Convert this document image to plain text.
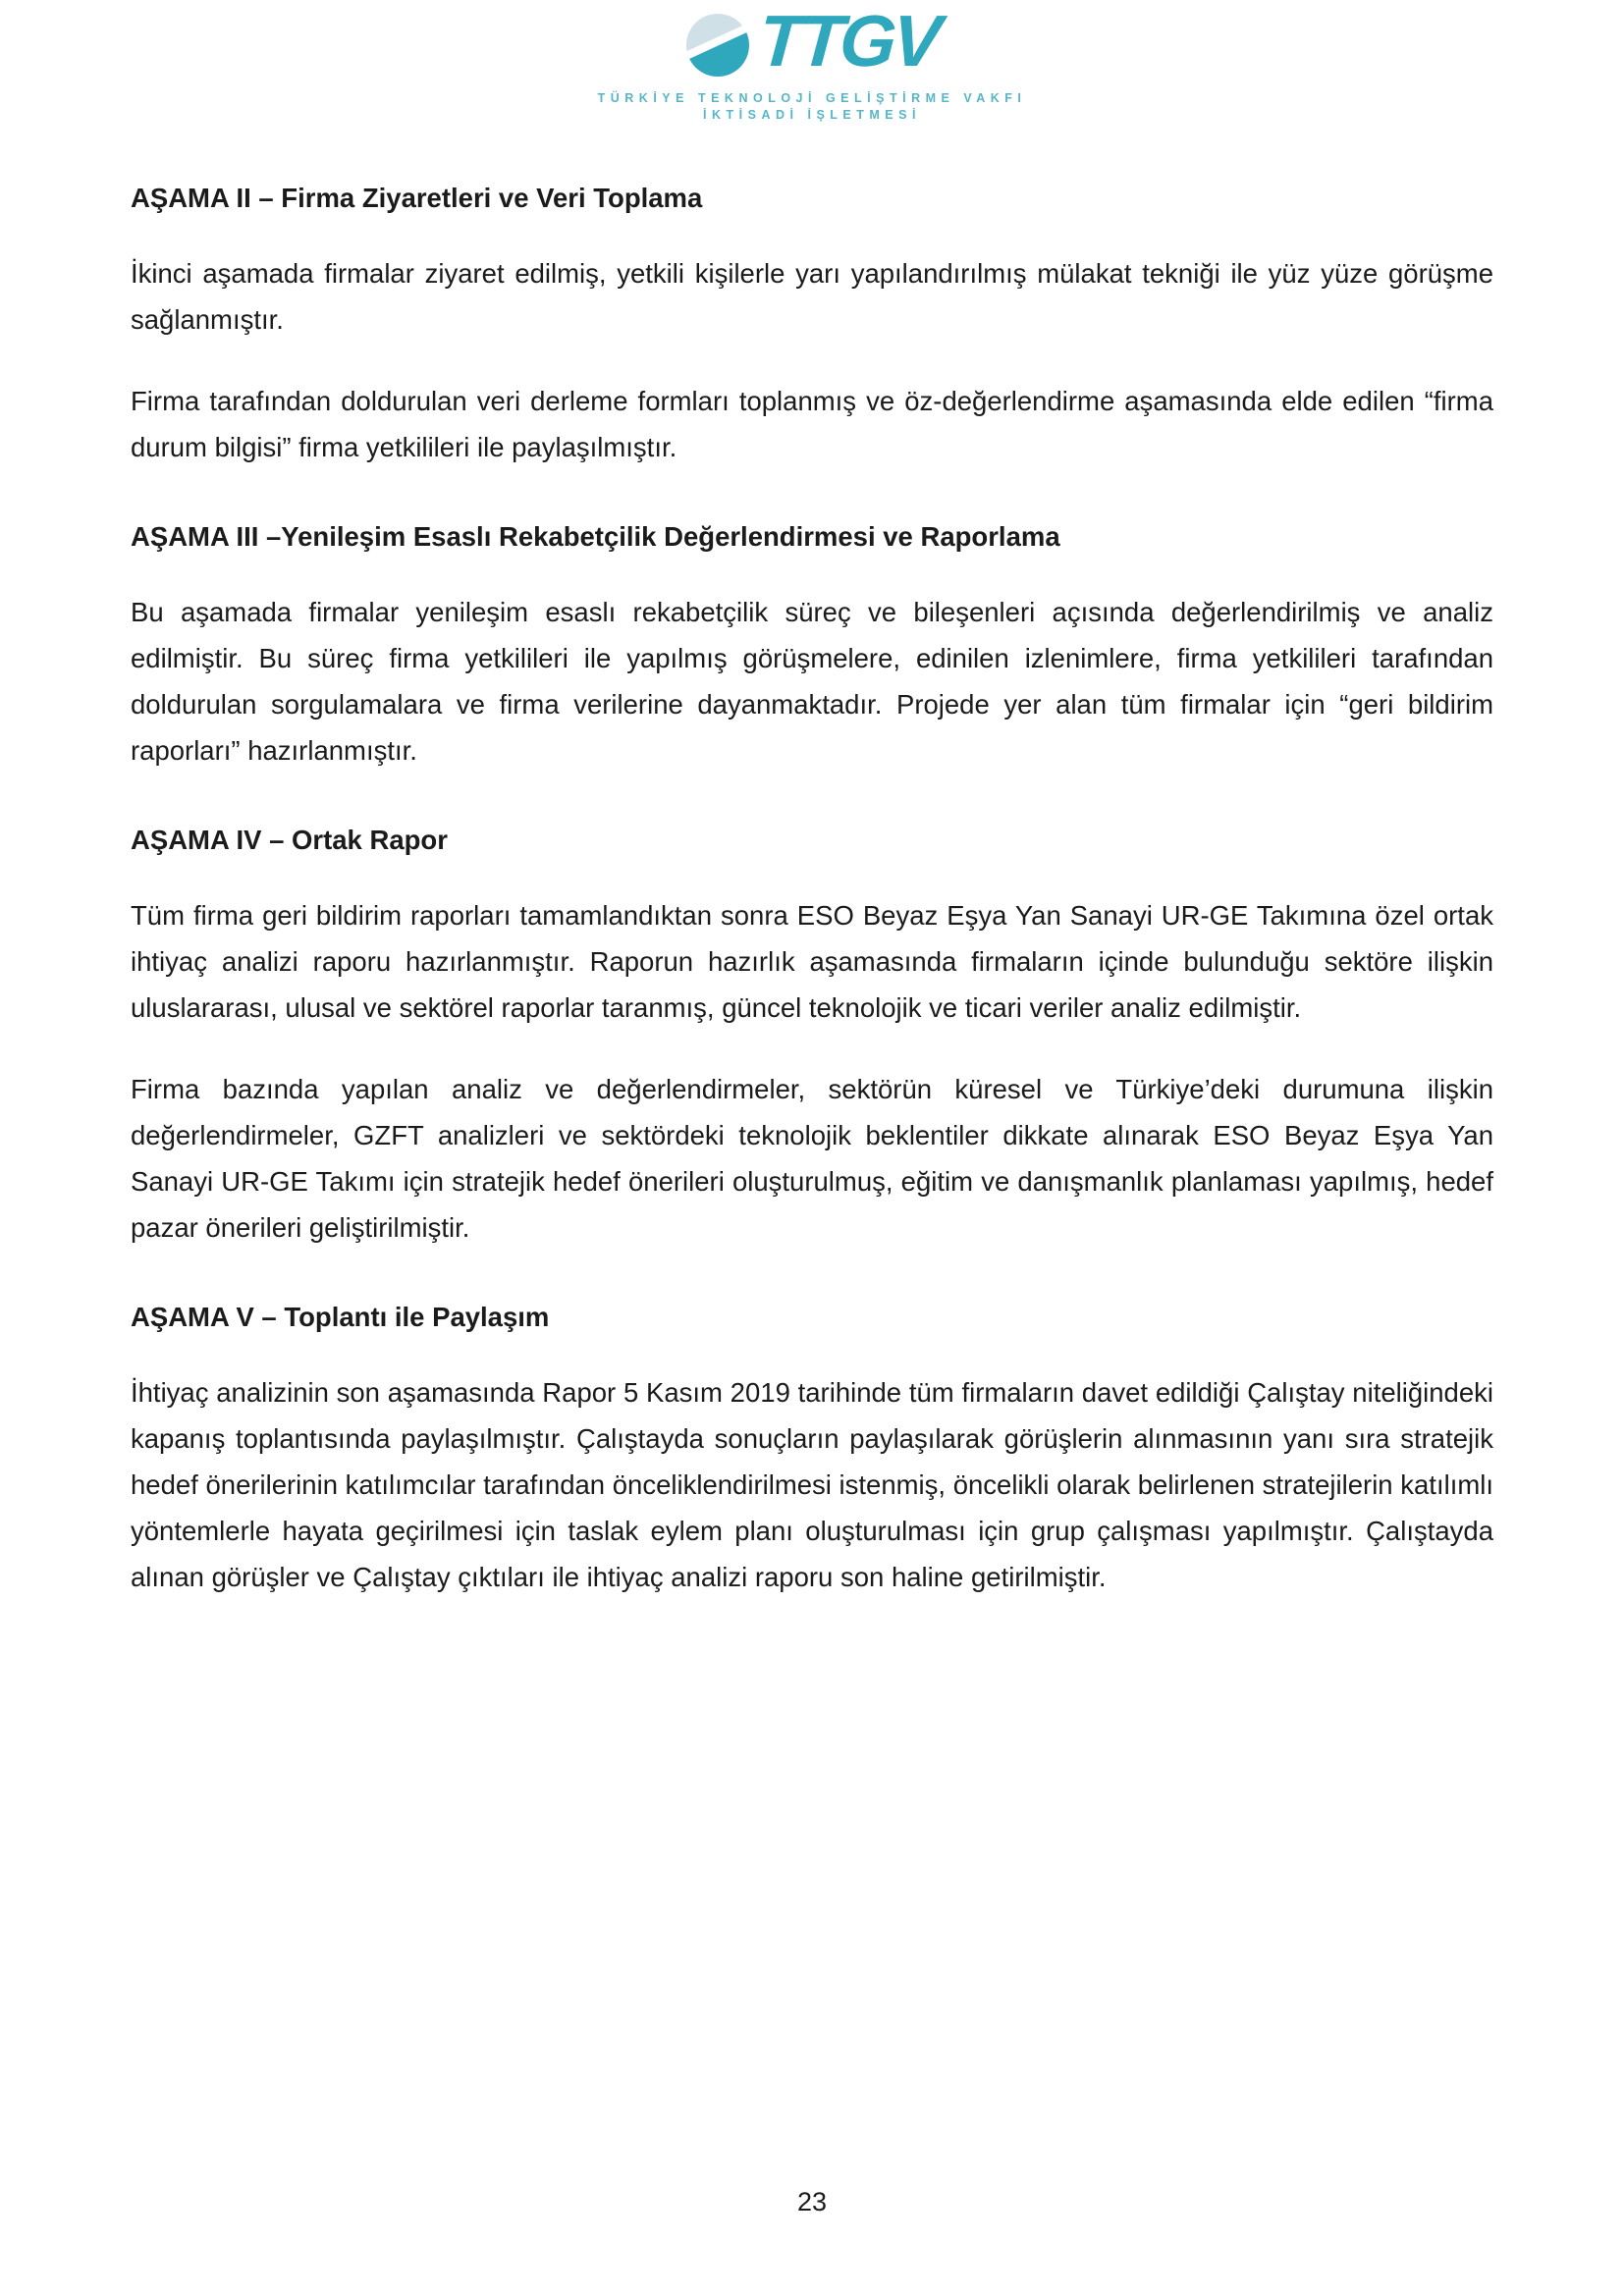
TTGV
TÜRKİYE TEKNOLOJİ GELİŞTİRME VAKFI
İKTİSADİ İŞLETMESİ
AŞAMA II – Firma Ziyaretleri ve Veri Toplama

İkinci aşamada firmalar ziyaret edilmiş, yetkili kişilerle yarı yapılandırılmış mülakat tekniği ile yüz yüze görüşme sağlanmıştır.

Firma tarafından doldurulan veri derleme formları toplanmış ve öz-değerlendirme aşamasında elde edilen “firma durum bilgisi” firma yetkilileri ile paylaşılmıştır.

AŞAMA III –Yenileşim Esaslı Rekabetçilik Değerlendirmesi ve Raporlama

Bu aşamada firmalar yenileşim esaslı rekabetçilik süreç ve bileşenleri açısında değerlendirilmiş ve analiz edilmiştir. Bu süreç firma yetkilileri ile yapılmış görüşmelere, edinilen izlenimlere, firma yetkilileri tarafından doldurulan sorgulamalara ve firma verilerine dayanmaktadır. Projede yer alan tüm firmalar için “geri bildirim raporları” hazırlanmıştır.

AŞAMA IV – Ortak Rapor

Tüm firma geri bildirim raporları tamamlandıktan sonra ESO Beyaz Eşya Yan Sanayi UR-GE Takımına özel ortak ihtiyaç analizi raporu hazırlanmıştır. Raporun hazırlık aşamasında firmaların içinde bulunduğu sektöre ilişkin uluslararası, ulusal ve sektörel raporlar taranmış, güncel teknolojik ve ticari veriler analiz edilmiştir.

Firma bazında yapılan analiz ve değerlendirmeler, sektörün küresel ve Türkiye’deki durumuna ilişkin değerlendirmeler, GZFT analizleri ve sektördeki teknolojik beklentiler dikkate alınarak ESO Beyaz Eşya Yan Sanayi UR-GE Takımı için stratejik hedef önerileri oluşturulmuş, eğitim ve danışmanlık planlaması yapılmış, hedef pazar önerileri geliştirilmiştir.

AŞAMA V – Toplantı ile Paylaşım

İhtiyaç analizinin son aşamasında Rapor 5 Kasım 2019 tarihinde tüm firmaların davet edildiği Çalıştay niteliğindeki kapanış toplantısında paylaşılmıştır. Çalıştayda sonuçların paylaşılarak görüşlerin alınmasının yanı sıra stratejik hedef önerilerinin katılımcılar tarafından önceliklendirilmesi istenmiş, öncelikli olarak belirlenen stratejilerin katılımlı yöntemlerle hayata geçirilmesi için taslak eylem planı oluşturulması için grup çalışması yapılmıştır. Çalıştayda alınan görüşler ve Çalıştay çıktıları ile ihtiyaç analizi raporu son haline getirilmiştir.

23
